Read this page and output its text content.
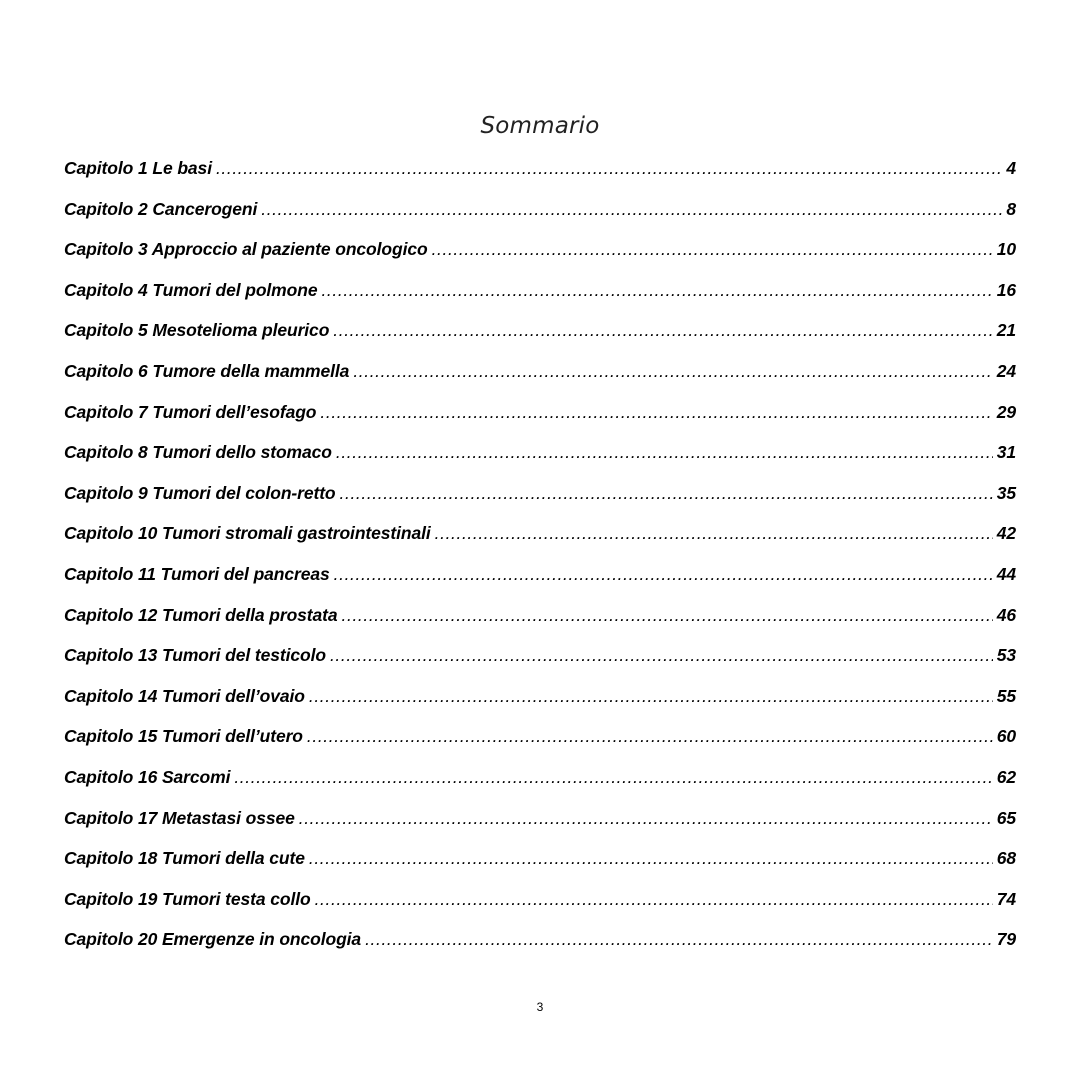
Sommario
Capitolo 1 Le basi .....	4
Capitolo 2 Cancerogeni .....	8
Capitolo 3 Approccio al paziente oncologico .....	10
Capitolo 4 Tumori del polmone .....	16
Capitolo 5 Mesotelioma pleurico .....	21
Capitolo 6 Tumore della mammella .....	24
Capitolo 7 Tumori dell’esofago .....	29
Capitolo 8 Tumori dello stomaco .....	31
Capitolo 9 Tumori del colon-retto .....	35
Capitolo 10 Tumori stromali gastrointestinali .....	42
Capitolo 11 Tumori del pancreas .....	44
Capitolo 12 Tumori della prostata .....	46
Capitolo 13 Tumori del testicolo .....	53
Capitolo 14 Tumori dell’ovaio .....	55
Capitolo 15 Tumori dell’utero .....	60
Capitolo 16 Sarcomi .....	62
Capitolo 17 Metastasi ossee .....	65
Capitolo 18 Tumori della cute .....	68
Capitolo 19 Tumori testa collo .....	74
Capitolo 20 Emergenze in oncologia .....	79
3
